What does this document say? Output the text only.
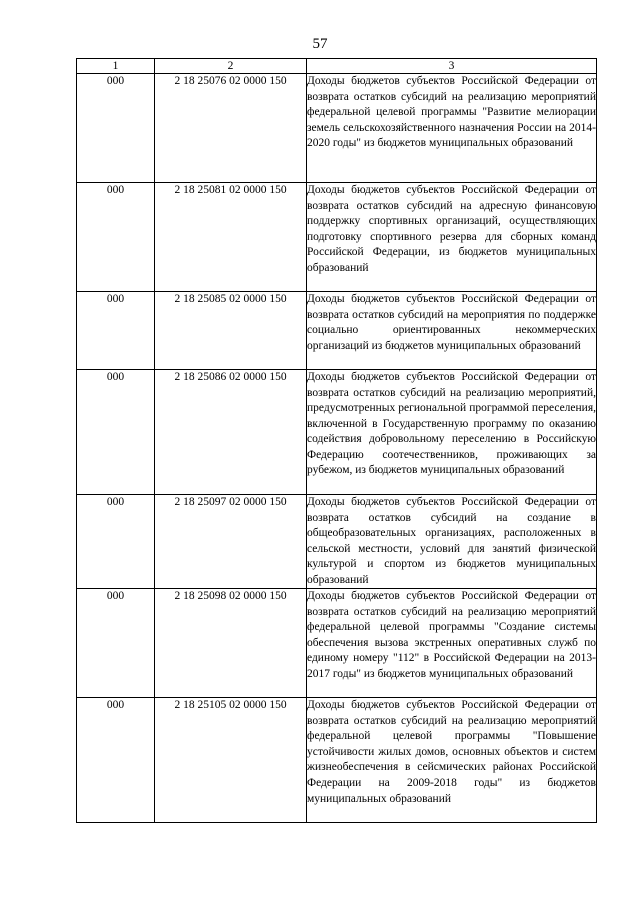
57
1	2	3
000	2 18 25076 02 0000 150	Доходы бюджетов субъектов Российской Федерации от возврата остатков субсидий на реализацию мероприятий федеральной целевой программы "Развитие мелиорации земель сельскохозяйственного назначения России на 2014-2020 годы" из бюджетов муниципальных образований

000	2 18 25081 02 0000 150	Доходы бюджетов субъектов Российской Федерации от возврата остатков субсидий на адресную финансовую поддержку спортивных организаций, осуществляющих подготовку спортивного резерва для сборных команд Российской Федерации, из бюджетов муниципальных образований

000	2 18 25085 02 0000 150	Доходы бюджетов субъектов Российской Федерации от возврата остатков субсидий на мероприятия по поддержке социально ориентированных некоммерческих организаций из бюджетов муниципальных образований

000	2 18 25086 02 0000 150	Доходы бюджетов субъектов Российской Федерации от возврата остатков субсидий на реализацию мероприятий, предусмотренных региональной программой переселения, включенной в Государственную программу по оказанию содействия добровольному переселению в Российскую Федерацию соотечественников, проживающих за рубежом, из бюджетов муниципальных образований

000	2 18 25097 02 0000 150	Доходы бюджетов субъектов Российской Федерации от возврата остатков субсидий на создание в общеобразовательных организациях, расположенных в сельской местности, условий для занятий физической культурой и спортом из бюджетов муниципальных образований

000	2 18 25098 02 0000 150	Доходы бюджетов субъектов Российской Федерации от возврата остатков субсидий на реализацию мероприятий федеральной целевой программы "Создание системы обеспечения вызова экстренных оперативных служб по единому номеру "112" в Российской Федерации на 2013-2017 годы" из бюджетов муниципальных образований

000	2 18 25105 02 0000 150	Доходы бюджетов субъектов Российской Федерации от возврата остатков субсидий на реализацию мероприятий федеральной целевой программы "Повышение устойчивости жилых домов, основных объектов и систем жизнеобеспечения в сейсмических районах Российской Федерации на 2009-2018 годы" из бюджетов муниципальных образований
